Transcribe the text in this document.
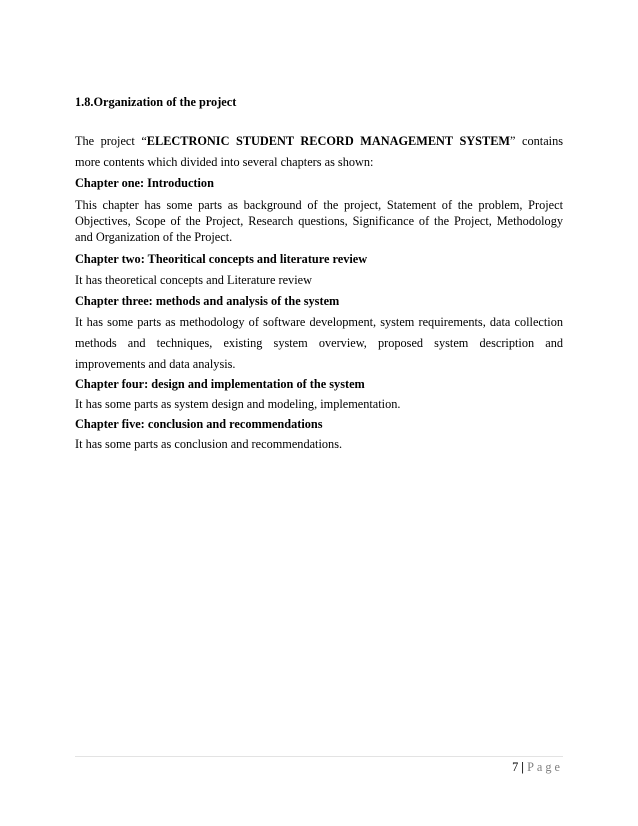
1.8.Organization of the project

The project “ELECTRONIC STUDENT RECORD MANAGEMENT SYSTEM” contains more contents which divided into several chapters as shown:

Chapter one: Introduction

This chapter has some parts as background of the project, Statement of the problem, Project Objectives, Scope of the Project, Research questions, Significance of the Project, Methodology and Organization of the Project.

Chapter two: Theoritical concepts and literature review

It has theoretical concepts and Literature review

Chapter three: methods and analysis of the system

It has some parts as methodology of software development, system requirements, data collection methods and techniques, existing system overview, proposed system description and improvements and data analysis.

Chapter four: design and implementation of the system

It has some parts as system design and modeling, implementation.

Chapter five: conclusion and recommendations

It has some parts as conclusion and recommendations.

7 | Page
